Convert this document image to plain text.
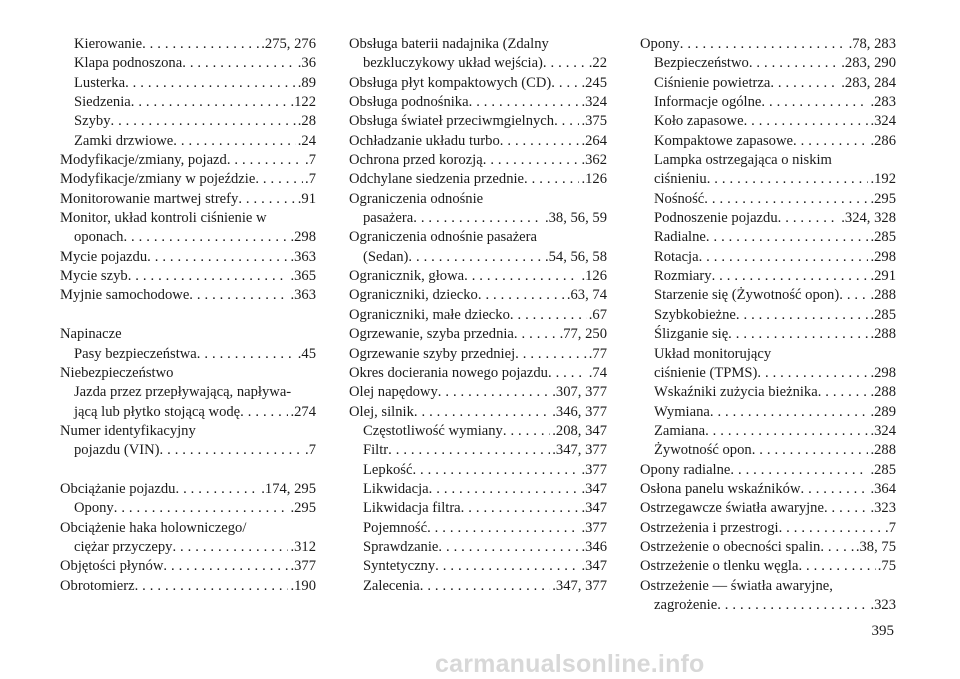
Kierowanie . . .	.275, 276
Klapa podnoszona . . .	.36
Lusterka . . .	.89
Siedzenia . . .	.122
Szyby . . .	.28
Zamki drzwiowe . . .	.24
Modyfikacje/zmiany, pojazd . . .	.7
Modyfikacje/zmiany w pojeździe . . .	.7
Monitorowanie martwej strefy . . .	.91
Monitor, układ kontroli ciśnienie w
oponach . . .	.298
Mycie pojazdu . . .	.363
Mycie szyb . . .	.365
Myjnie samochodowe . . .	.363
Napinacze
Pasy bezpieczeństwa . . .	.45
Niebezpieczeństwo
Jazda przez przepływającą, napływa-
jącą lub płytko stojącą wodę . . .	.274
Numer identyfikacyjny
pojazdu (VIN) . . .	.7
Obciążanie pojazdu . . .	.174, 295
Opony . . .	.295
Obciążenie haka holowniczego/
ciężar przyczepy . . .	.312
Objętości płynów . . .	.377
Obrotomierz . . .	.190
Obsługa baterii nadajnika (Zdalny
bezkluczykowy układ wejścia) . . .	.22
Obsługa płyt kompaktowych (CD) . . . .245
Obsługa podnośnika . . .	.324
Obsługa świateł przeciwmgielnych . . . .375
Ochładzanie układu turbo . . .	.264
Ochrona przed korozją . . .	.362
Odchylane siedzenia przednie . . .	.126
Ograniczenia odnośnie
pasażera . . .	.38, 56, 59
Ograniczenia odnośnie pasażera
(Sedan) . . .	.54, 56, 58
Ogranicznik, głowa . . .	.126
Ograniczniki, dziecko . . .	.63, 74
Ograniczniki, małe dziecko . . .	.67
Ogrzewanie, szyba przednia . . .	.77, 250
Ogrzewanie szyby przedniej . . .	.77
Okres docierania nowego pojazdu . . .	.74
Olej napędowy . . .	.307, 377
Olej, silnik . . .	.346, 377
Częstotliwość wymiany . . .	.208, 347
Filtr . . .	.347, 377
Lepkość . . .	.377
Likwidacja . . .	.347
Likwidacja filtra . . .	.347
Pojemność . . .	.377
Sprawdzanie . . .	.346
Syntetyczny . . .	.347
Zalecenia . . .	.347, 377
Opony . . .	.78, 283
Bezpieczeństwo . . .	.283, 290
Ciśnienie powietrza . . .	.283, 284
Informacje ogólne . . .	.283
Koło zapasowe . . .	.324
Kompaktowe zapasowe . . .	.286
Lampka ostrzegająca o niskim
ciśnieniu . . .	.192
Nośność . . .	.295
Podnoszenie pojazdu . . .	.324, 328
Radialne . . .	.285
Rotacja . . .	.298
Rozmiary . . .	.291
Starzenie się (Żywotność opon) . . . .288
Szybkobieżne . . .	.285
Ślizganie się . . .	.288
Układ monitorujący
ciśnienie (TPMS) . . .	.298
Wskaźniki zużycia bieżnika . . .	.288
Wymiana . . .	.289
Zamiana . . .	.324
Żywotność opon . . .	.288
Opony radialne . . .	.285
Osłona panelu wskaźników . . .	.364
Ostrzegawcze światła awaryjne . . .	.323
Ostrzeżenia i przestrogi . . .	.7
Ostrzeżenie o obecności spalin . . . .38, 75
Ostrzeżenie o tlenku węgla . . .	.75
Ostrzeżenie — światła awaryjne,
zagrożenie . . .	.323
395
carmanualsonline.info
